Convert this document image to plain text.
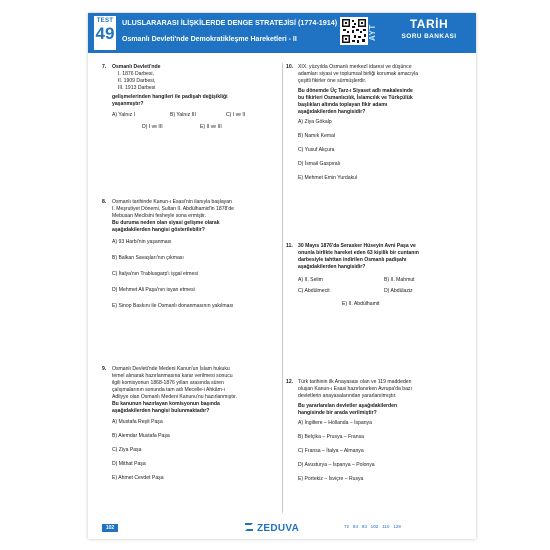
TEST
49
ULUSLARARASI İLİŞKİLERDE DENGE STRATEJİSİ (1774-1914)
Osmanlı Devleti'nde Demokratikleşme Hareketleri - II	AYT
TARİH
SORU BANKASI
7. Osmanlı Devleti'nde
I. 1876 Darbesi,
II. 1909 Darbesi,
III. 1913 Darbesi
gelişmelerinden hangileri ile padişah değişikliği
yaşanmıştır?
A) Yalnız I	B) Yalnız III	C) I ve II
D) I ve III	E) II ve III
8. Osmanlı tarihinde Kanun-ı Esasi'nin ilanıyla başlayan
I. Meşrutiyet Dönemi, Sultan II. Abdülhamid'in 1878'de
Mebusan Meclisini fesheyle sona ermiştir.
Bu duruma neden olan siyasi gelişme olarak
aşağıdakilerden hangisi gösterilebilir?
A) 93 Harbi'nin yaşanması
B) Balkan Savaşları'nın çıkması
C) İtalya'nın Trablusgarp'ı işgal etmesi
D) Mehmet Ali Paşa'nın isyan etmesi
E) Sinop Baskını ile Osmanlı donanmasının yakılması
9. Osmanlı Devleti'nde Medeni Kanun'un İslam hukuku
temel alınarak hazırlanmasına karar verilmesi sonucu
ilgili komisyonun 1868-1876 yılları arasında süren
çalışmalarının sonunda tam adı Mecelle-i Ahkâm-ı
Adliyye olan Osmanlı Medeni Kanunu'nu hazırlanmıştır.
Bu kanunun hazırlayan komisyonun başında
aşağıdakilerden hangisi bulunmaktadır?
A) Mustafa Reşit Paşa
B) Alemdar Mustafa Paşa
C) Ziya Paşa
D) Mithat Paşa
E) Ahmet Cevdet Paşa
10. XIX. yüzyılda Osmanlı merkezî idaresi ve düşünce
adamları siyasi ve toplumsal birliği korumak amacıyla
çeşitli fikirler öne sürmüşlerdir.
Bu dönemde Üç Tarz-ı Siyaset adlı makalesinde
bu fikirleri Osmanlıcılık, İslamcılık ve Türkçülük
başlıkları altında toplayan fikir adamı
aşağıdakilerden hangisidir?
A) Ziya Gökalp
B) Namık Kemal
C) Yusuf Akçura
D) İsmail Gaspıralı
E) Mehmet Emin Yurdakul
11. 30 Mayıs 1876'da Serasker Hüseyin Avni Paşa ve
onunla birlikte hareket eden 63 kişilik bir cuntanın
darbesiyle tahttan indirilen Osmanlı padişahı
aşağıdakilerden hangisidir?
A) II. Selim	B) II. Mahmut
C) Abdülmecit	D) Abdülaziz
E) II. Abdülhamit
12. Türk tarihinin ilk Anayasası olan ve 119 maddeden
oluşan Kanun-ı Esasi hazırlanırken Avrupa'da bazı
devletlerin anayasalarından yararlanılmıştır.
Bu yararlanılan devletler aşağıdakilerden
hangisinde bir arada verilmiştir?
A) İngiltere – Hollanda – İspanya
B) Belçika – Prusya – Fransa
C) Fransa – İtalya – Almanya
D) Avusturya – İspanya – Polonya
E) Portekiz – İsviçre – Rusya
102	ZEDUVA	72 84 93 102 110 129
